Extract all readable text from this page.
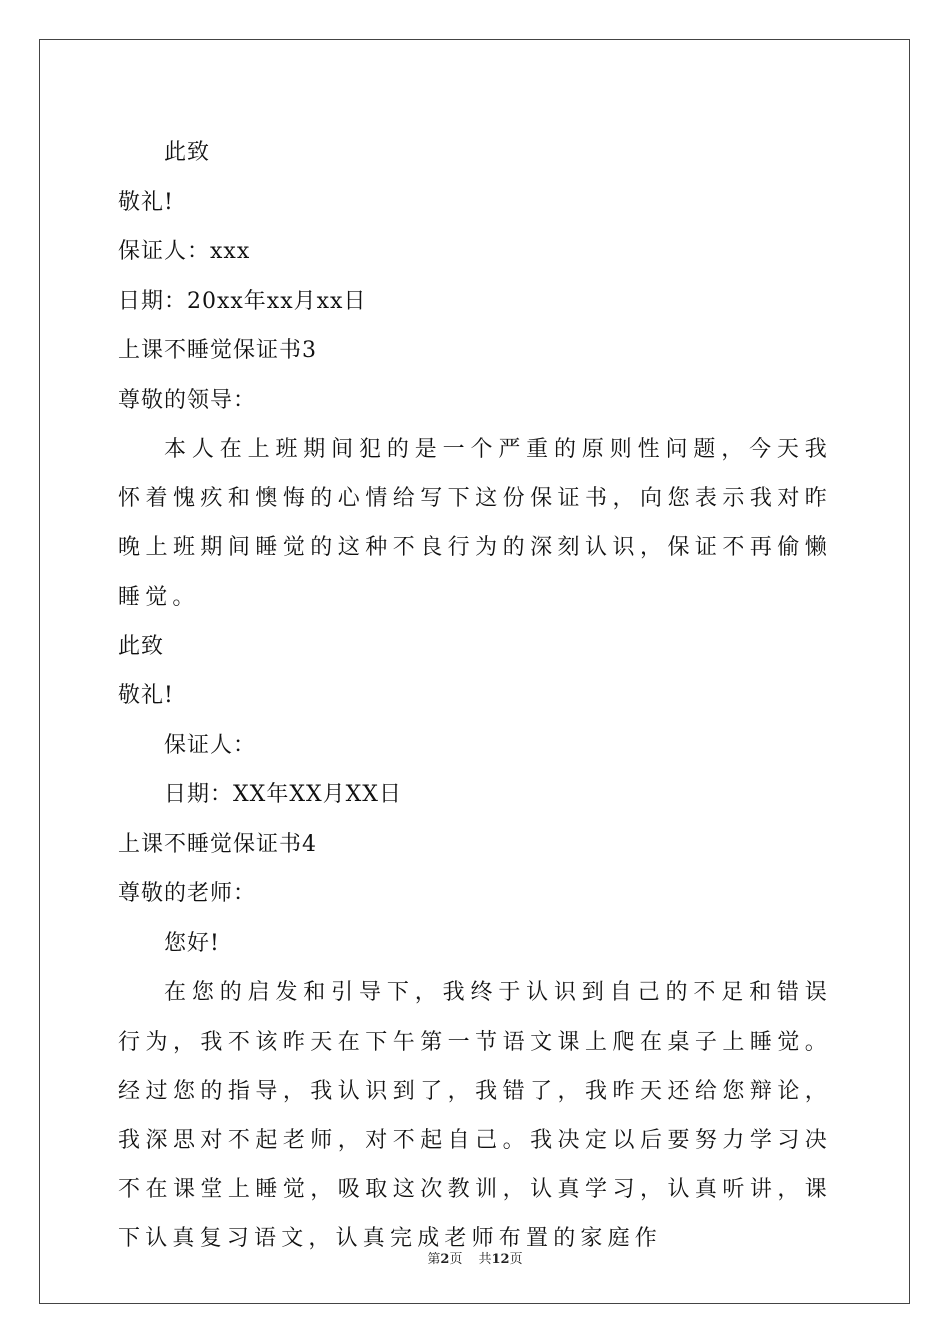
此致
敬礼!
保证人：xxx
日期：20xx年xx月xx日
上课不睡觉保证书3
尊敬的领导：

本人在上班期间犯的是一个严重的原则性问题，今天我怀着愧疚和懊悔的心情给写下这份保证书，向您表示我对昨晚上班期间睡觉的这种不良行为的深刻认识，保证不再偷懒睡觉。

此致
敬礼!
保证人：
日期：XX年XX月XX日
上课不睡觉保证书4
尊敬的老师：
您好!

在您的启发和引导下，我终于认识到自己的不足和错误行为，我不该昨天在下午第一节语文课上爬在桌子上睡觉。经过您的指导，我认识到了，我错了，我昨天还给您辩论，我深思对不起老师，对不起自己。我决定以后要努力学习决不在课堂上睡觉，吸取这次教训，认真学习，认真听讲，课下认真复习语文，认真完成老师布置的家庭作

第2页 共12页
